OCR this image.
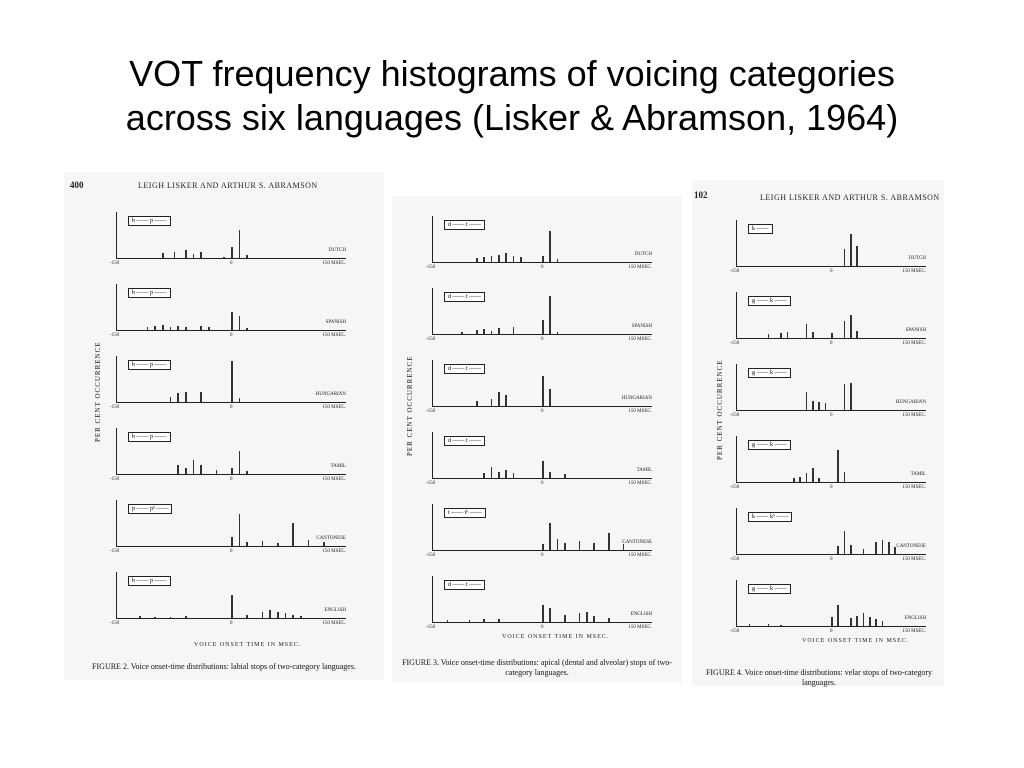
VOT frequency histograms of voicing categories
across six languages (Lisker & Abramson, 1964)
400	LEIGH LISKER AND ARTHUR S. ABRAMSON
PER CENT OCCURRENCE
VOICE ONSET TIME IN MSEC.
FIGURE 2. Voice onset-time distributions: labial stops of two-category languages.
b —— p ——
DUTCH
-150	0	150 MSEC.
b —— p ——
SPANISH
-150	0	150 MSEC.
b —— p ——
HUNGARIAN
-150	0	150 MSEC.
b —— p ——
TAMIL
-150	0	150 MSEC.
p —— pʰ ——
CANTONESE
-150	0	150 MSEC.
b —— p ——
ENGLISH
-150	0	150 MSEC.
PER CENT OCCURRENCE
VOICE ONSET TIME IN MSEC.
FIGURE 3. Voice onset-time distributions: apical (dental and alveolar) stops of two-category languages.
d —— t ——
DUTCH
-150	0	150 MSEC.
d —— t ——
SPANISH
-150	0	150 MSEC.
d —— t ——
HUNGARIAN
-150	0	150 MSEC.
d —— t ——
TAMIL
-150	0	150 MSEC.
t —— tʰ ——
CANTONESE
-150	0	150 MSEC.
d —— t ——
ENGLISH
-150	0	150 MSEC.
102	LEIGH LISKER AND ARTHUR S. ABRAMSON
PER CENT OCCURRENCE
VOICE ONSET TIME IN MSEC.
FIGURE 4. Voice onset-time distributions: velar stops of two-category languages.
k ——
DUTCH
-150	0	150 MSEC.
g —— k ——
SPANISH
-150	0	150 MSEC.
g —— k ——
HUNGARIAN
-150	0	150 MSEC.
g —— k ——
TAMIL
-150	0	150 MSEC.
k —— kʰ ——
CANTONESE
-150	0	150 MSEC.
g —— k ——
ENGLISH
-150	0	150 MSEC.
